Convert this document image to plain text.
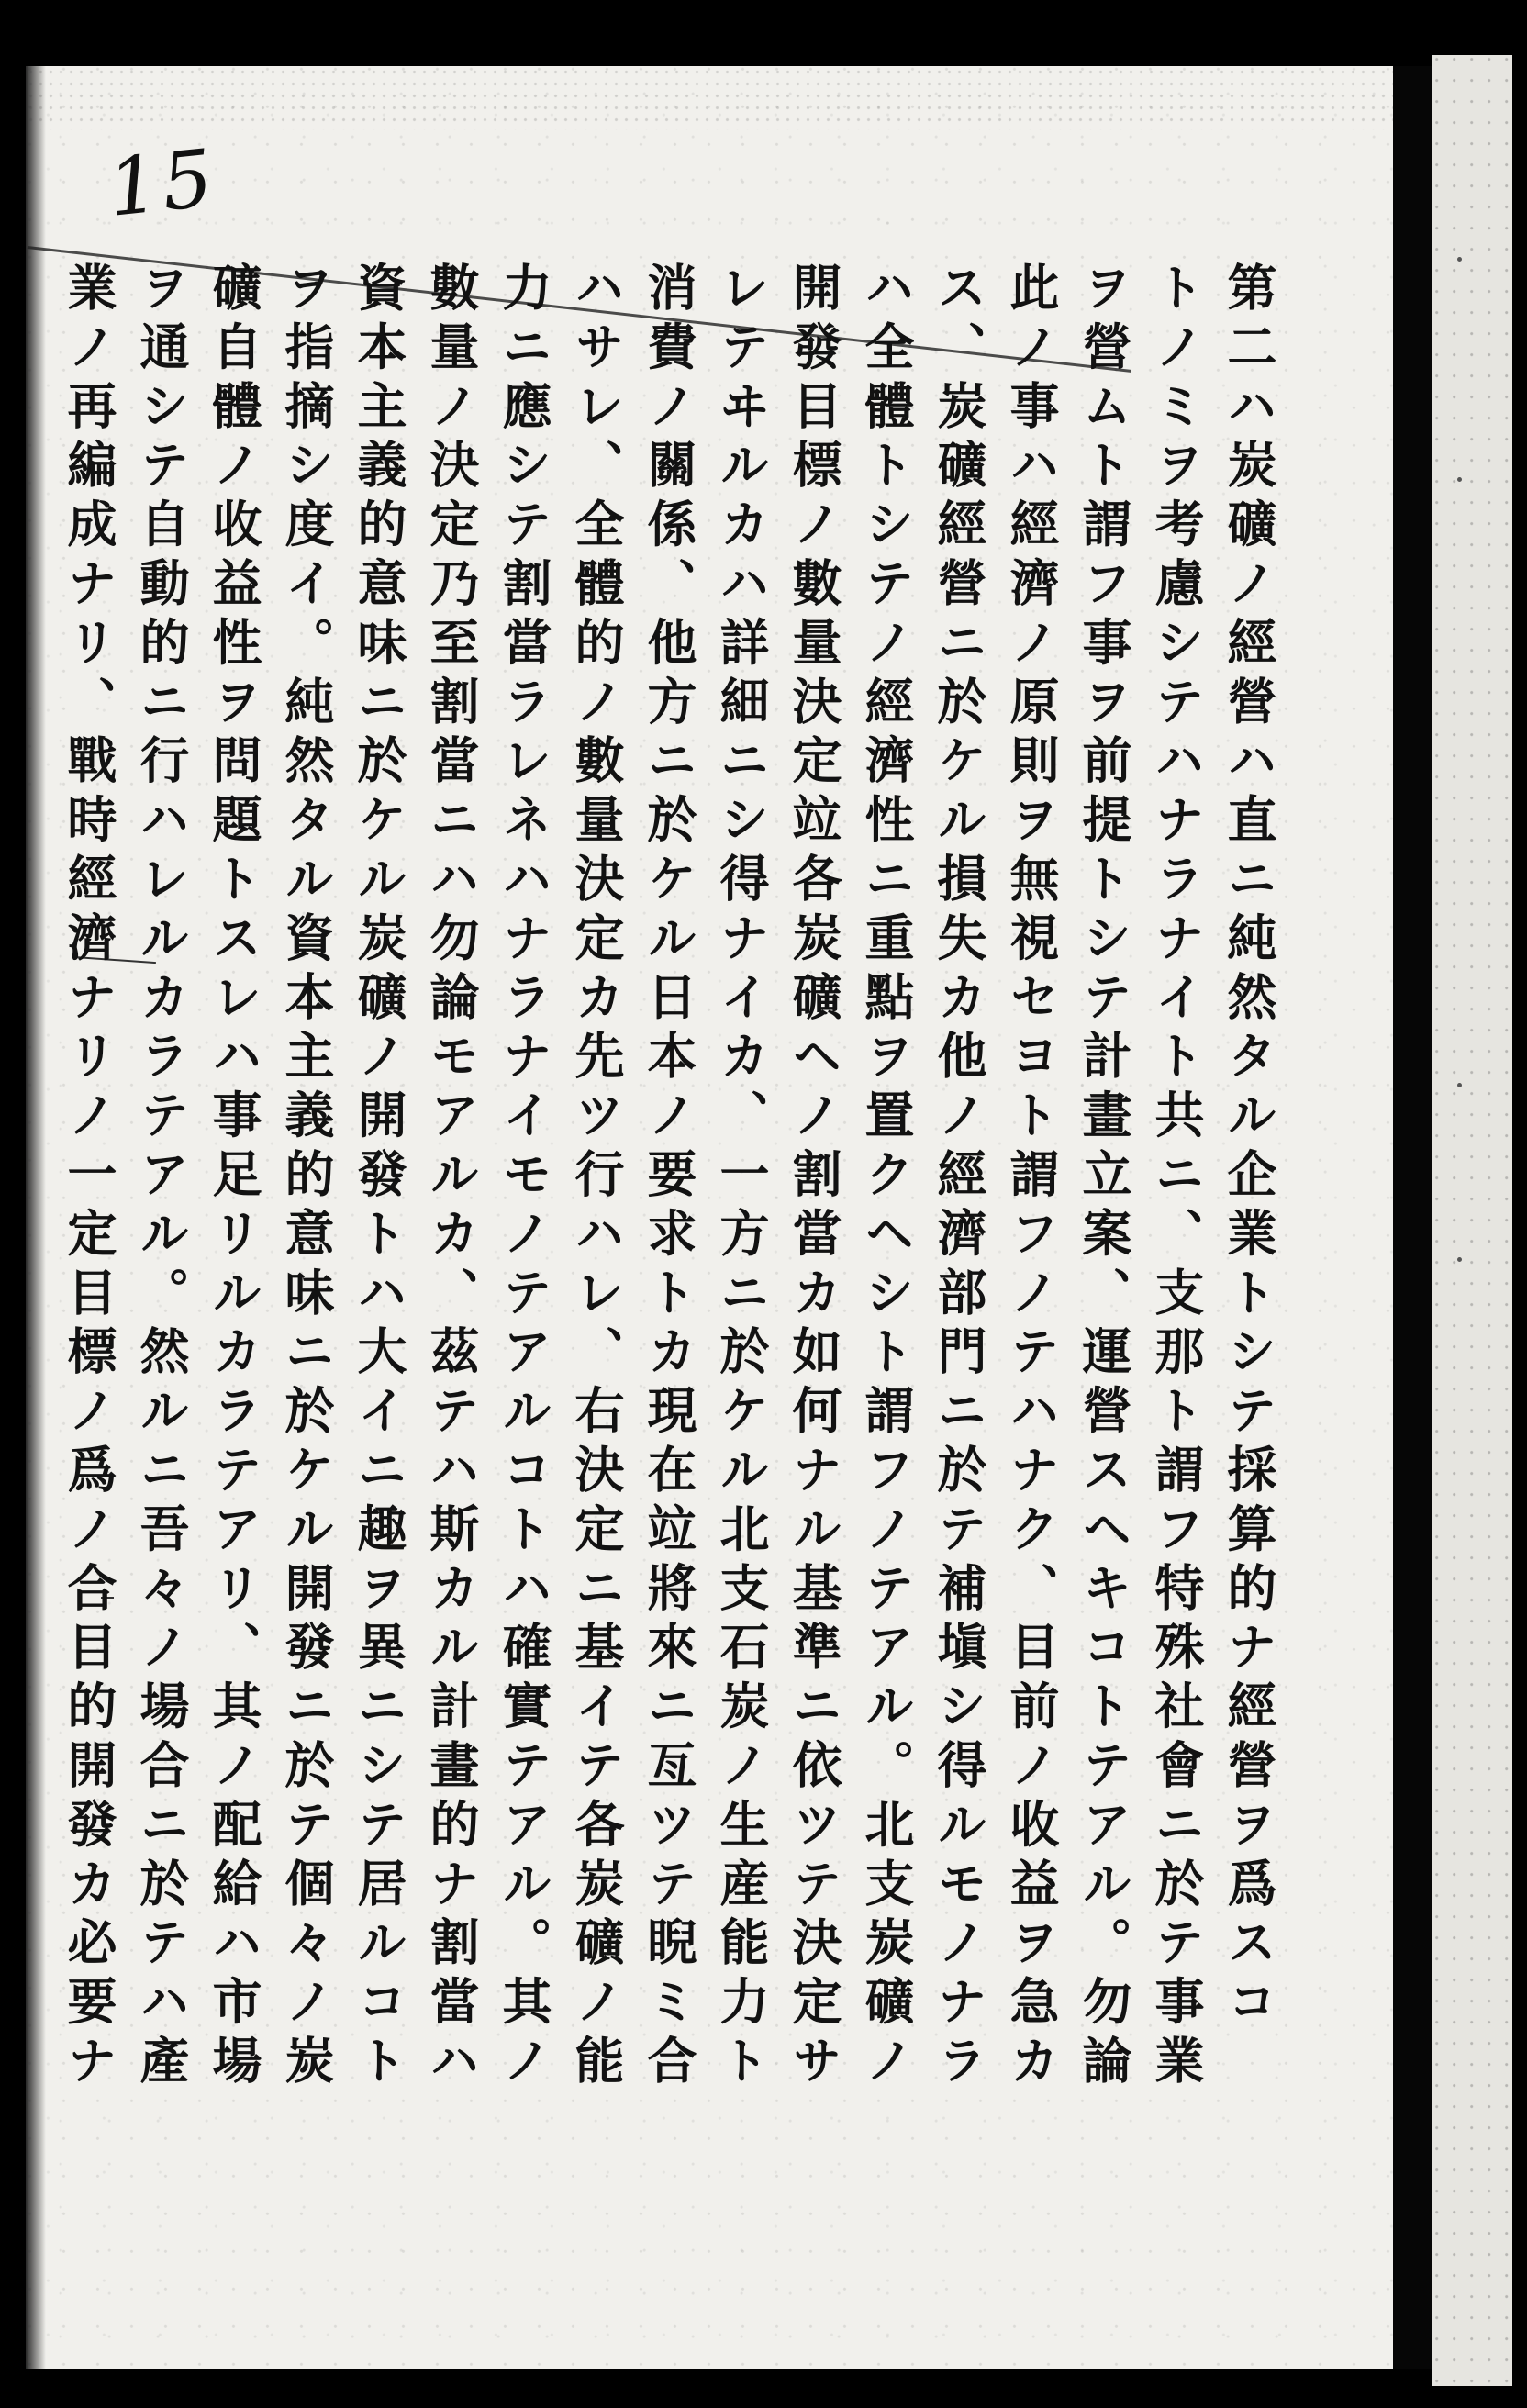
15
第二ハ炭礦ノ經營ハ直ニ純然タル企業トシテ採算的ナ經營ヲ爲スコ
トノミヲ考慮シテハナラナイト共ニ、支那ト謂フ特殊社會ニ於テ事業
ヲ營ムト謂フ事ヲ前提トシテ計畫立案、運營スヘキコトテアル。勿論
此ノ事ハ經濟ノ原則ヲ無視セヨト謂フノテハナク、目前ノ收益ヲ急カ
ス、炭礦經營ニ於ケル損失カ他ノ經濟部門ニ於テ補塡シ得ルモノナラ
ハ全體トシテノ經濟性ニ重點ヲ置クヘシト謂フノテアル。北支炭礦ノ
開發目標ノ數量決定竝各炭礦ヘノ割當カ如何ナル基準ニ依ツテ決定サ
レテヰルカハ詳細ニシ得ナイカ、一方ニ於ケル北支石炭ノ生産能力ト
消費ノ關係、他方ニ於ケル日本ノ要求トカ現在竝將來ニ亙ツテ睨ミ合
ハサレ、全體的ノ數量決定カ先ツ行ハレ、右決定ニ基イテ各炭礦ノ能
力ニ應シテ割當ラレネハナラナイモノテアルコトハ確實テアル。其ノ
數量ノ決定乃至割當ニハ勿論モアルカ、茲テハ斯カル計畫的ナ割當ハ
資本主義的意味ニ於ケル炭礦ノ開發トハ大イニ趣ヲ異ニシテ居ルコト
ヲ指摘シ度イ。純然タル資本主義的意味ニ於ケル開發ニ於テ個々ノ炭
礦自體ノ收益性ヲ問題トスレハ事足リルカラテアリ、其ノ配給ハ市場
ヲ通シテ自動的ニ行ハレルカラテアル。然ルニ吾々ノ場合ニ於テハ產
業ノ再編成ナリ、戰時經濟ナリノ一定目標ノ爲ノ合目的開發カ必要ナ
